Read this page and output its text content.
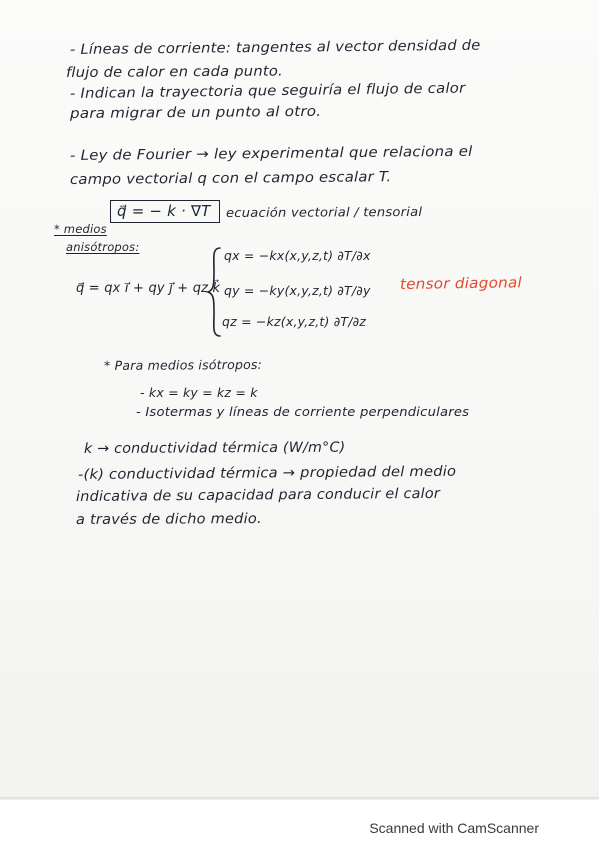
- Líneas de corriente: tangentes al vector densidad de
flujo de calor en cada punto.
- Indican la trayectoria que seguiría el flujo de calor
para migrar de un punto al otro.
- Ley de Fourier → ley experimental que relaciona el
campo vectorial q con el campo escalar T.
q⃗ = − k · ∇T	ecuación vectorial / tensorial
* medios
anisótropos:
q⃗ = qx i⃗ + qy j⃗ + qz k⃗
qx = −kx(x,y,z,t) ∂T/∂x
qy = −ky(x,y,z,t) ∂T/∂y
qz = −kz(x,y,z,t) ∂T/∂z
tensor diagonal
* Para medios isótropos:
- kx = ky = kz = k
- Isotermas y líneas de corriente perpendiculares
k → conductividad térmica (W/m°C)
-(k) conductividad térmica → propiedad del medio
indicativa de su capacidad para conducir el calor
a través de dicho medio.
Scanned with CamScanner
